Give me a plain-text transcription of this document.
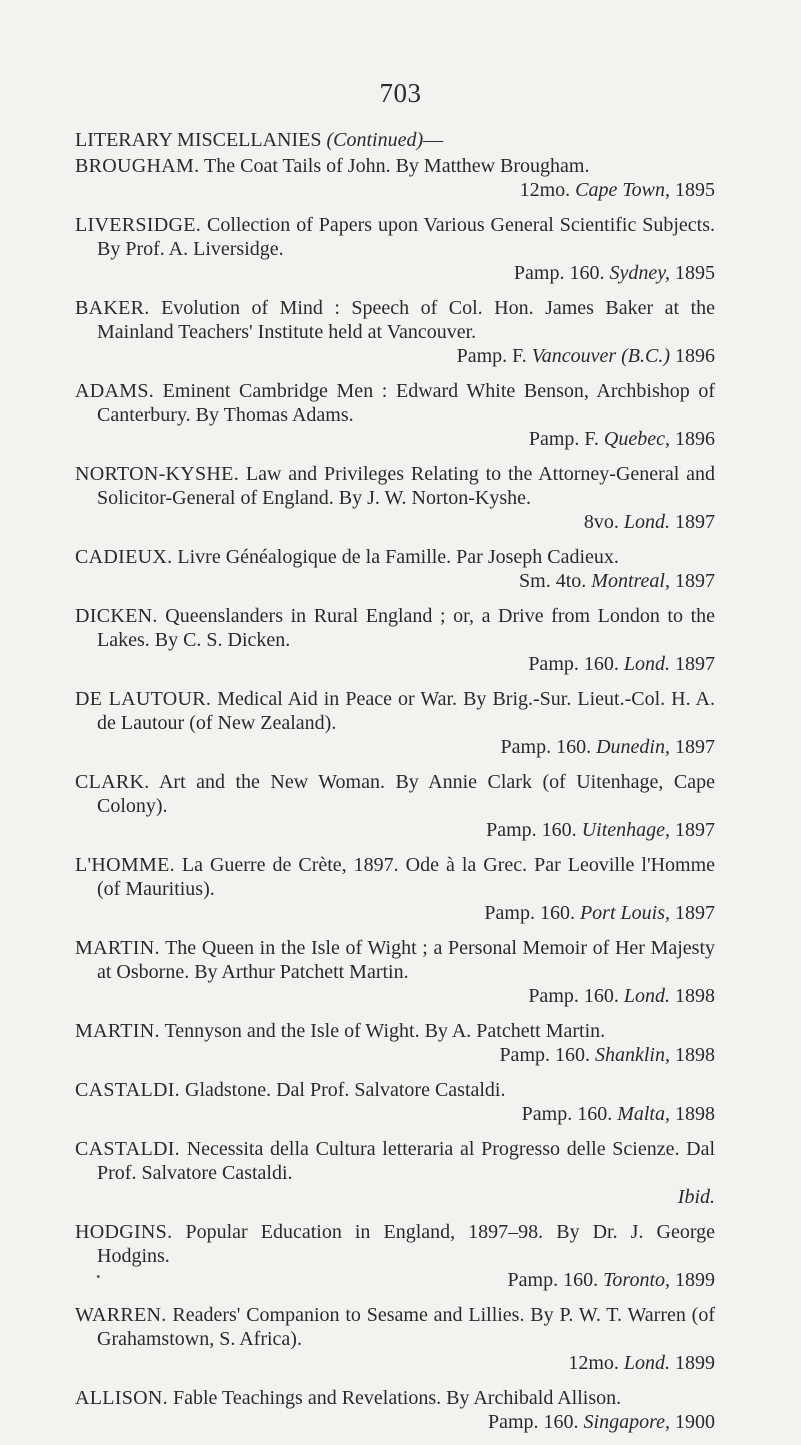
703
LITERARY MISCELLANIES (Continued)—
BROUGHAM. The Coat Tails of John. By Matthew Brougham.
12mo. Cape Town, 1895
LIVERSIDGE. Collection of Papers upon Various General Scientific Subjects. By Prof. A. Liversidge.
Pamp. 160. Sydney, 1895
BAKER. Evolution of Mind : Speech of Col. Hon. James Baker at the Mainland Teachers' Institute held at Vancouver.
Pamp. F. Vancouver (B.C.) 1896
ADAMS. Eminent Cambridge Men : Edward White Benson, Archbishop of Canterbury. By Thomas Adams.
Pamp. F. Quebec, 1896
NORTON-KYSHE. Law and Privileges Relating to the Attorney-General and Solicitor-General of England. By J. W. Norton-Kyshe.
8vo. Lond. 1897
CADIEUX. Livre Généalogique de la Famille. Par Joseph Cadieux.
Sm. 4to. Montreal, 1897
DICKEN. Queenslanders in Rural England ; or, a Drive from London to the Lakes. By C. S. Dicken.
Pamp. 160. Lond. 1897
DE LAUTOUR. Medical Aid in Peace or War. By Brig.-Sur. Lieut.-Col. H. A. de Lautour (of New Zealand).
Pamp. 160. Dunedin, 1897
CLARK. Art and the New Woman. By Annie Clark (of Uitenhage, Cape Colony).
Pamp. 160. Uitenhage, 1897
L'HOMME. La Guerre de Crète, 1897. Ode à la Grec. Par Leoville l'Homme (of Mauritius).
Pamp. 160. Port Louis, 1897
MARTIN. The Queen in the Isle of Wight ; a Personal Memoir of Her Majesty at Osborne. By Arthur Patchett Martin.
Pamp. 160. Lond. 1898
MARTIN. Tennyson and the Isle of Wight. By A. Patchett Martin.
Pamp. 160. Shanklin, 1898
CASTALDI. Gladstone. Dal Prof. Salvatore Castaldi.
Pamp. 160. Malta, 1898
CASTALDI. Necessita della Cultura letteraria al Progresso delle Scienze. Dal Prof. Salvatore Castaldi.
Ibid.
HODGINS. Popular Education in England, 1897–98. By Dr. J. George Hodgins.
Pamp. 160. Toronto, 1899
WARREN. Readers' Companion to Sesame and Lillies. By P. W. T. Warren (of Grahamstown, S. Africa).
12mo. Lond. 1899
ALLISON. Fable Teachings and Revelations. By Archibald Allison.
Pamp. 160. Singapore, 1900
•
